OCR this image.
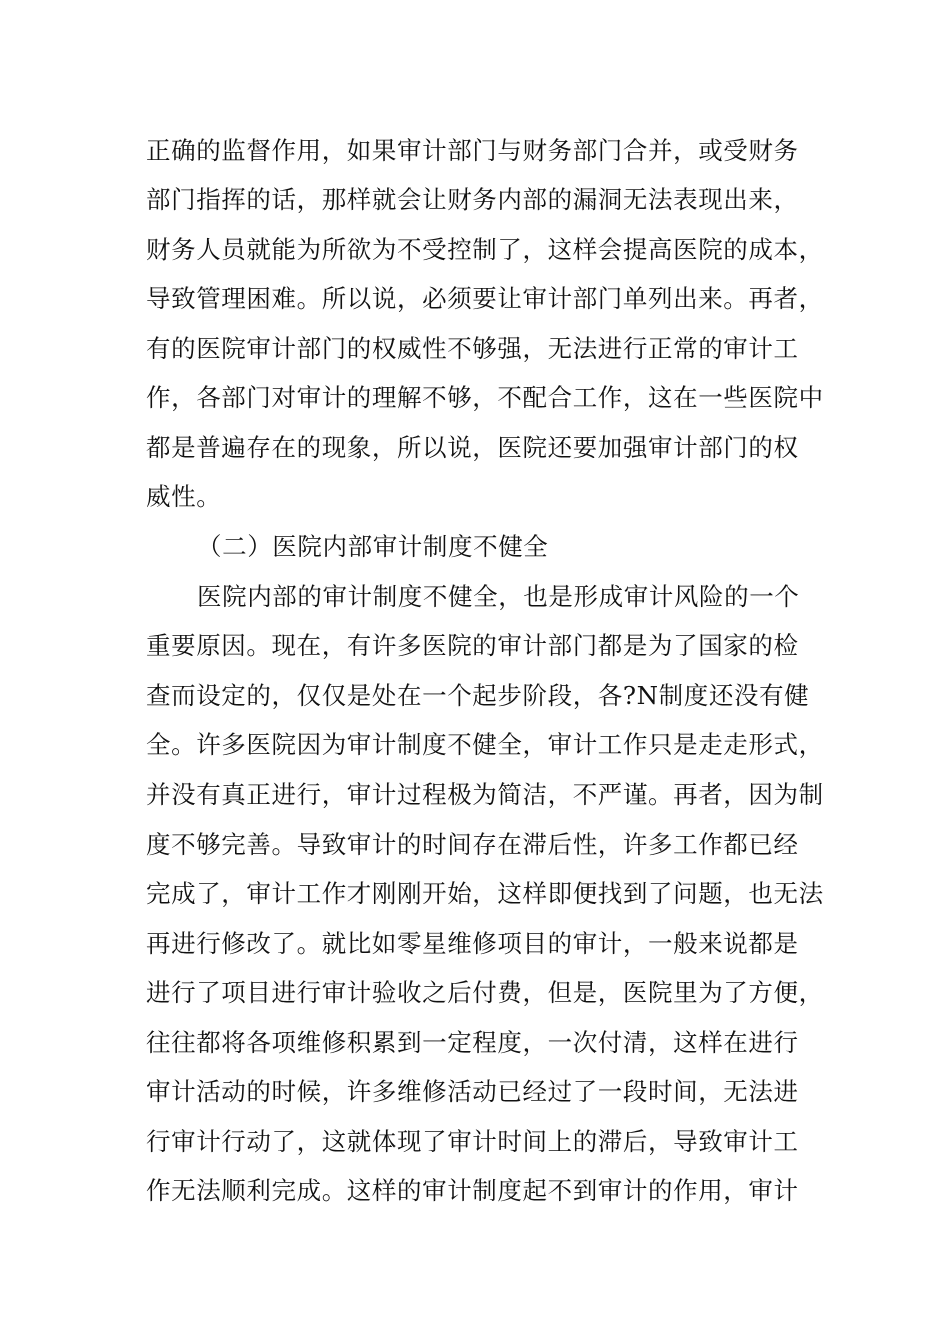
正确的监督作用，如果审计部门与财务部门合并，或受财务
部门指挥的话，那样就会让财务内部的漏洞无法表现出来，
财务人员就能为所欲为不受控制了，这样会提高医院的成本，
导致管理困难。所以说，必须要让审计部门单列出来。再者，
有的医院审计部门的权威性不够强，无法进行正常的审计工
作，各部门对审计的理解不够，不配合工作，这在一些医院中
都是普遍存在的现象，所以说，医院还要加强审计部门的权
威性。
（二）医院内部审计制度不健全
医院内部的审计制度不健全，也是形成审计风险的一个
重要原因。现在，有许多医院的审计部门都是为了国家的检
查而设定的，仅仅是处在一个起步阶段，各?N制度还没有健
全。许多医院因为审计制度不健全，审计工作只是走走形式，
并没有真正进行，审计过程极为简洁，不严谨。再者，因为制
度不够完善。导致审计的时间存在滞后性，许多工作都已经
完成了，审计工作才刚刚开始，这样即便找到了问题，也无法
再进行修改了。就比如零星维修项目的审计，一般来说都是
进行了项目进行审计验收之后付费，但是，医院里为了方便，
往往都将各项维修积累到一定程度，一次付清，这样在进行
审计活动的时候，许多维修活动已经过了一段时间，无法进
行审计行动了，这就体现了审计时间上的滞后，导致审计工
作无法顺利完成。这样的审计制度起不到审计的作用，审计
